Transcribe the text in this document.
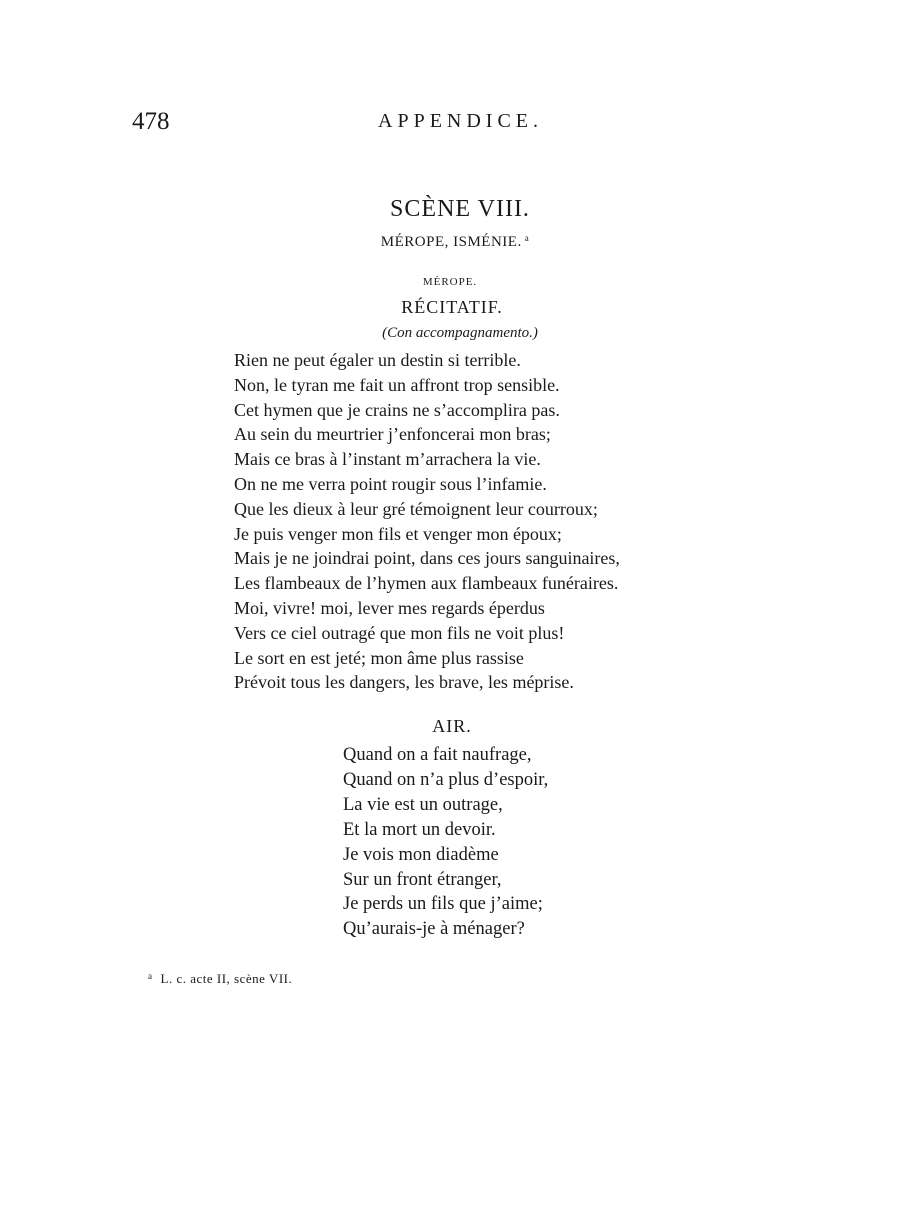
478	APPENDICE.
SCÈNE VIII.
MÉROPE, ISMÉNIE. $^a$
MÉROPE.
RÉCITATIF.
(Con accompagnamento.)
Rien ne peut égaler un destin si terrible.
Non, le tyran me fait un affront trop sensible.
Cet hymen que je crains ne s’accomplira pas.
Au sein du meurtrier j’enfoncerai mon bras;
Mais ce bras à l’instant m’arrachera la vie.
On ne me verra point rougir sous l’infamie.
Que les dieux à leur gré témoignent leur courroux;
Je puis venger mon fils et venger mon époux;
Mais je ne joindrai point, dans ces jours sanguinaires,
Les flambeaux de l’hymen aux flambeaux funéraires.
Moi, vivre! moi, lever mes regards éperdus
Vers ce ciel outragé que mon fils ne voit plus!
Le sort en est jeté; mon âme plus rassise
Prévoit tous les dangers, les brave, les méprise.
AIR.
Quand on a fait naufrage,
Quand on n’a plus d’espoir,
La vie est un outrage,
Et la mort un devoir.
Je vois mon diadème
Sur un front étranger,
Je perds un fils que j’aime;
Qu’aurais-je à ménager?
$^a$ L. c. acte II, scène VII.
